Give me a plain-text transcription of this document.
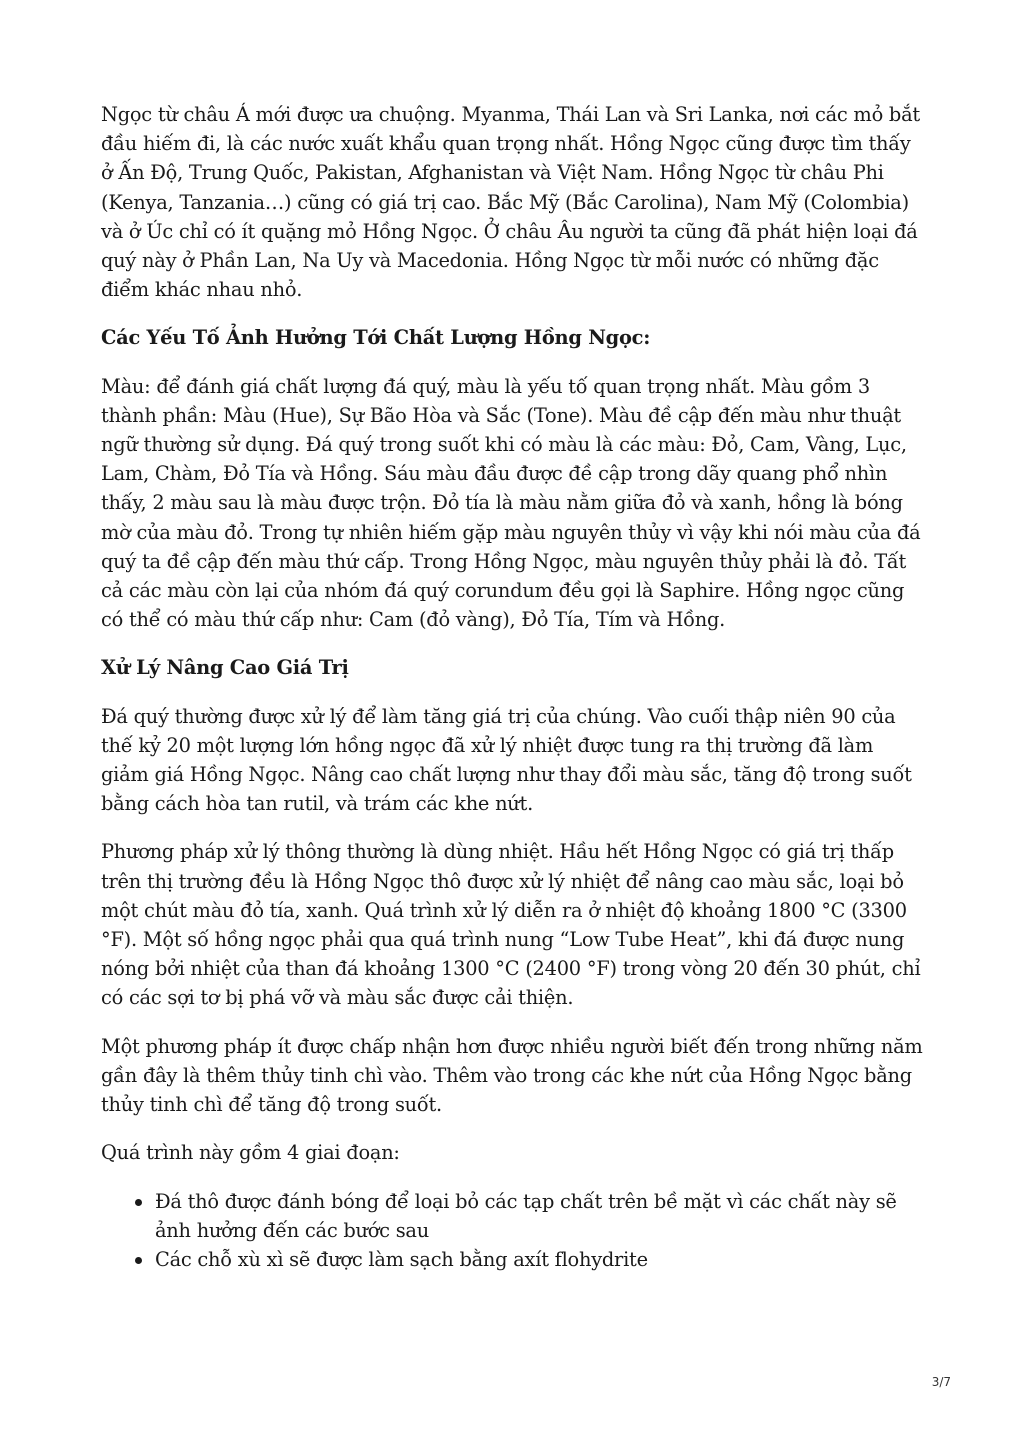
Ngọc từ châu Á mới được ưa chuộng. Myanma, Thái Lan và Sri Lanka, nơi các mỏ bắt đầu hiếm đi, là các nước xuất khẩu quan trọng nhất. Hồng Ngọc cũng được tìm thấy ở Ấn Độ, Trung Quốc, Pakistan, Afghanistan và Việt Nam. Hồng Ngọc từ châu Phi (Kenya, Tanzania…) cũng có giá trị cao. Bắc Mỹ (Bắc Carolina), Nam Mỹ (Colombia) và ở Úc chỉ có ít quặng mỏ Hồng Ngọc. Ở châu Âu người ta cũng đã phát hiện loại đá quý này ở Phần Lan, Na Uy và Macedonia. Hồng Ngọc từ mỗi nước có những đặc điểm khác nhau nhỏ.

Các Yếu Tố Ảnh Hưởng Tới Chất Lượng Hồng Ngọc:

Màu: để đánh giá chất lượng đá quý, màu là yếu tố quan trọng nhất. Màu gồm 3 thành phần: Màu (Hue), Sự Bão Hòa và Sắc (Tone). Màu đề cập đến màu như thuật ngữ thường sử dụng. Đá quý trong suốt khi có màu là các màu: Đỏ, Cam, Vàng, Lục, Lam, Chàm, Đỏ Tía và Hồng. Sáu màu đầu được đề cập trong dãy quang phổ nhìn thấy, 2 màu sau là màu được trộn. Đỏ tía là màu nằm giữa đỏ và xanh, hồng là bóng mờ của màu đỏ. Trong tự nhiên hiếm gặp màu nguyên thủy vì vậy khi nói màu của đá quý ta đề cập đến màu thứ cấp. Trong Hồng Ngọc, màu nguyên thủy phải là đỏ. Tất cả các màu còn lại của nhóm đá quý corundum đều gọi là Saphire. Hồng ngọc cũng có thể có màu thứ cấp như: Cam (đỏ vàng), Đỏ Tía, Tím và Hồng.

Xử Lý Nâng Cao Giá Trị

Đá quý thường được xử lý để làm tăng giá trị của chúng. Vào cuối thập niên 90 của thế kỷ 20 một lượng lớn hồng ngọc đã xử lý nhiệt được tung ra thị trường đã làm giảm giá Hồng Ngọc. Nâng cao chất lượng như thay đổi màu sắc, tăng độ trong suốt bằng cách hòa tan rutil, và trám các khe nứt.

Phương pháp xử lý thông thường là dùng nhiệt. Hầu hết Hồng Ngọc có giá trị thấp trên thị trường đều là Hồng Ngọc thô được xử lý nhiệt để nâng cao màu sắc, loại bỏ một chút màu đỏ tía, xanh. Quá trình xử lý diễn ra ở nhiệt độ khoảng 1800 °C (3300 °F). Một số hồng ngọc phải qua quá trình nung “Low Tube Heat”, khi đá được nung nóng bởi nhiệt của than đá khoảng 1300 °C (2400 °F) trong vòng 20 đến 30 phút, chỉ có các sợi tơ bị phá vỡ và màu sắc được cải thiện.

Một phương pháp ít được chấp nhận hơn được nhiều người biết đến trong những năm gần đây là thêm thủy tinh chì vào. Thêm vào trong các khe nứt của Hồng Ngọc bằng thủy tinh chì để tăng độ trong suốt.

Quá trình này gồm 4 giai đoạn:

Đá thô được đánh bóng để loại bỏ các tạp chất trên bề mặt vì các chất này sẽ ảnh hưởng đến các bước sau
Các chỗ xù xì sẽ được làm sạch bằng axít flohydrite
3/7
